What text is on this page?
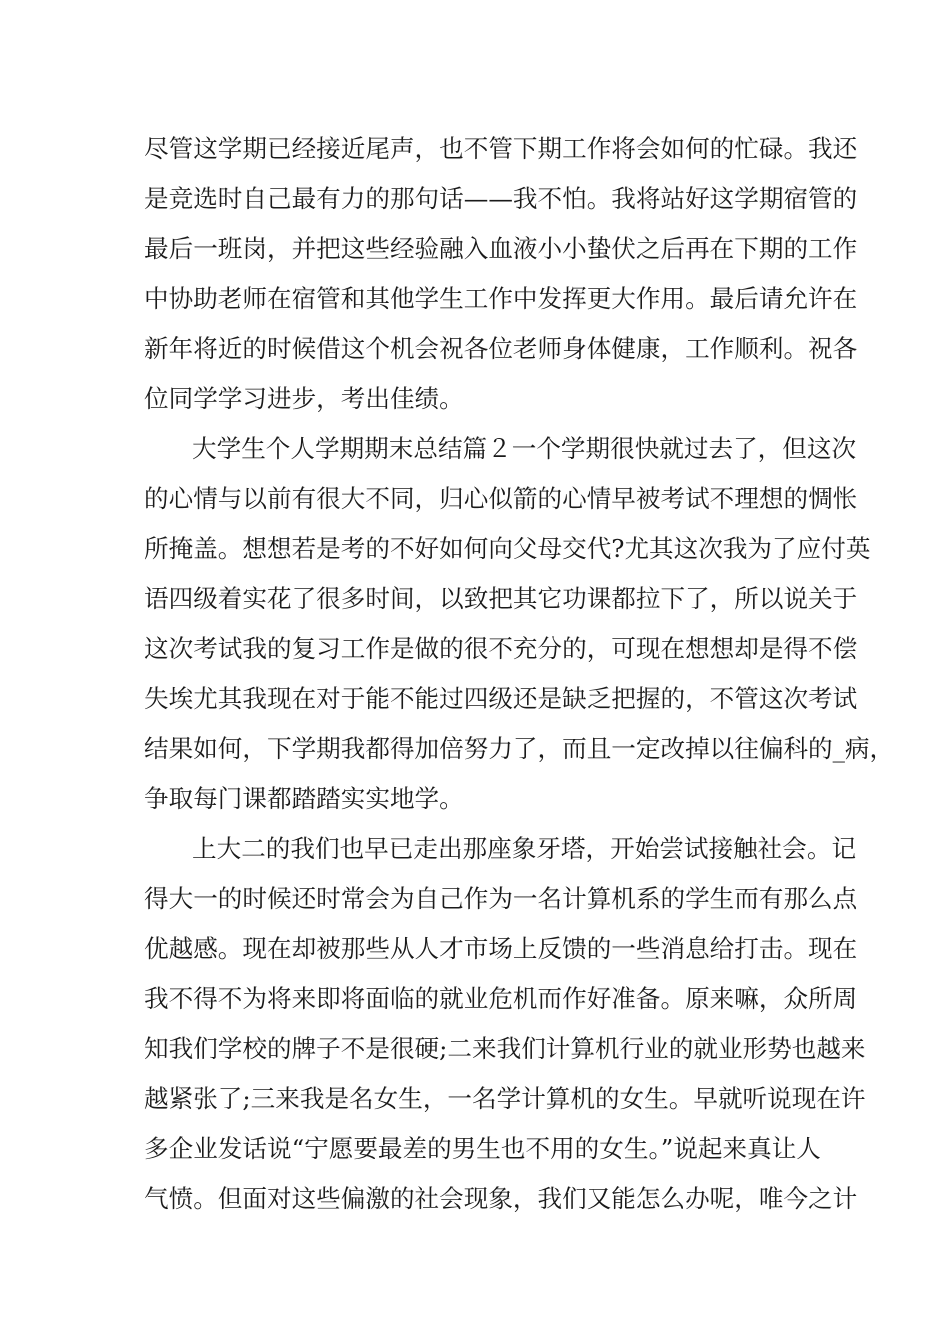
尽管这学期已经接近尾声，也不管下期工作将会如何的忙碌。我还
是竞选时自己最有力的那句话——我不怕。我将站好这学期宿管的
最后一班岗，并把这些经验融入血液小小蛰伏之后再在下期的工作
中协助老师在宿管和其他学生工作中发挥更大作用。最后请允许在
新年将近的时候借这个机会祝各位老师身体健康，工作顺利。祝各
位同学学习进步，考出佳绩。
大学生个人学期期末总结篇２一个学期很快就过去了，但这次
的心情与以前有很大不同，归心似箭的心情早被考试不理想的惆怅
所掩盖。想想若是考的不好如何向父母交代?尤其这次我为了应付英
语四级着实花了很多时间，以致把其它功课都拉下了，所以说关于
这次考试我的复习工作是做的很不充分的，可现在想想却是得不偿
失埃尤其我现在对于能不能过四级还是缺乏把握的，不管这次考试
结果如何，下学期我都得加倍努力了，而且一定改掉以往偏科的_病，
争取每门课都踏踏实实地学。
上大二的我们也早已走出那座象牙塔，开始尝试接触社会。记
得大一的时候还时常会为自己作为一名计算机系的学生而有那么点
优越感。现在却被那些从人才市场上反馈的一些消息给打击。现在
我不得不为将来即将面临的就业危机而作好准备。原来嘛，众所周
知我们学校的牌子不是很硬;二来我们计算机行业的就业形势也越来
越紧张了;三来我是名女生，一名学计算机的女生。早就听说现在许
多企业发话说“宁愿要最差的男生也不用的女生。”说起来真让人
气愤。但面对这些偏激的社会现象，我们又能怎么办呢，唯今之计
